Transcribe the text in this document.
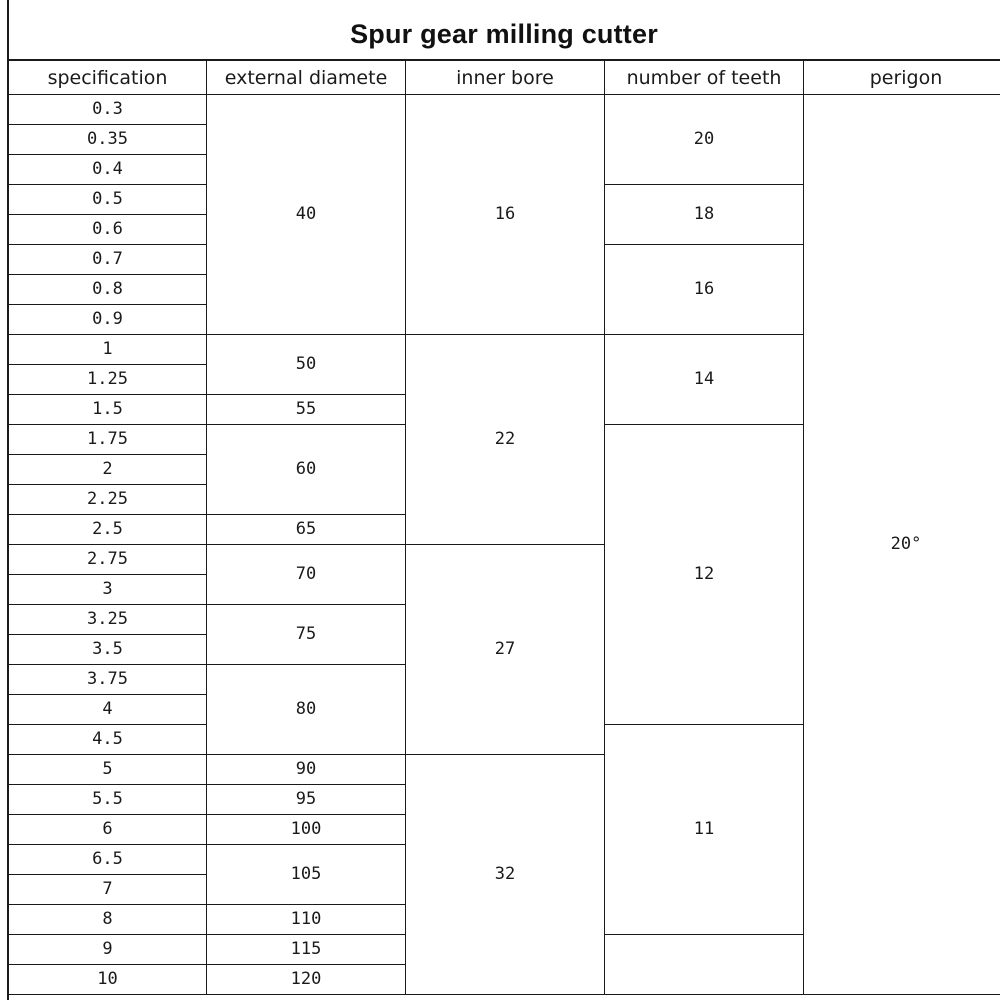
Spur gear milling cutter
specification	external diamete	inner bore	number of teeth	perigon
0.3	40	16	20	20°
0.35				
0.4				
0.5			18	
0.6				
0.7			16	
0.8				
0.9				
1	50	22	14	
1.25				
1.5	55			
1.75	60		12	
2				
2.25				
2.5	65			
2.75	70	27		
3				
3.25	75			
3.5				
3.75	80			
4				
4.5			11	
5	90	32		
5.5	95			
6	100			
6.5	105			
7				
8	110			
9	115			
10	120			
